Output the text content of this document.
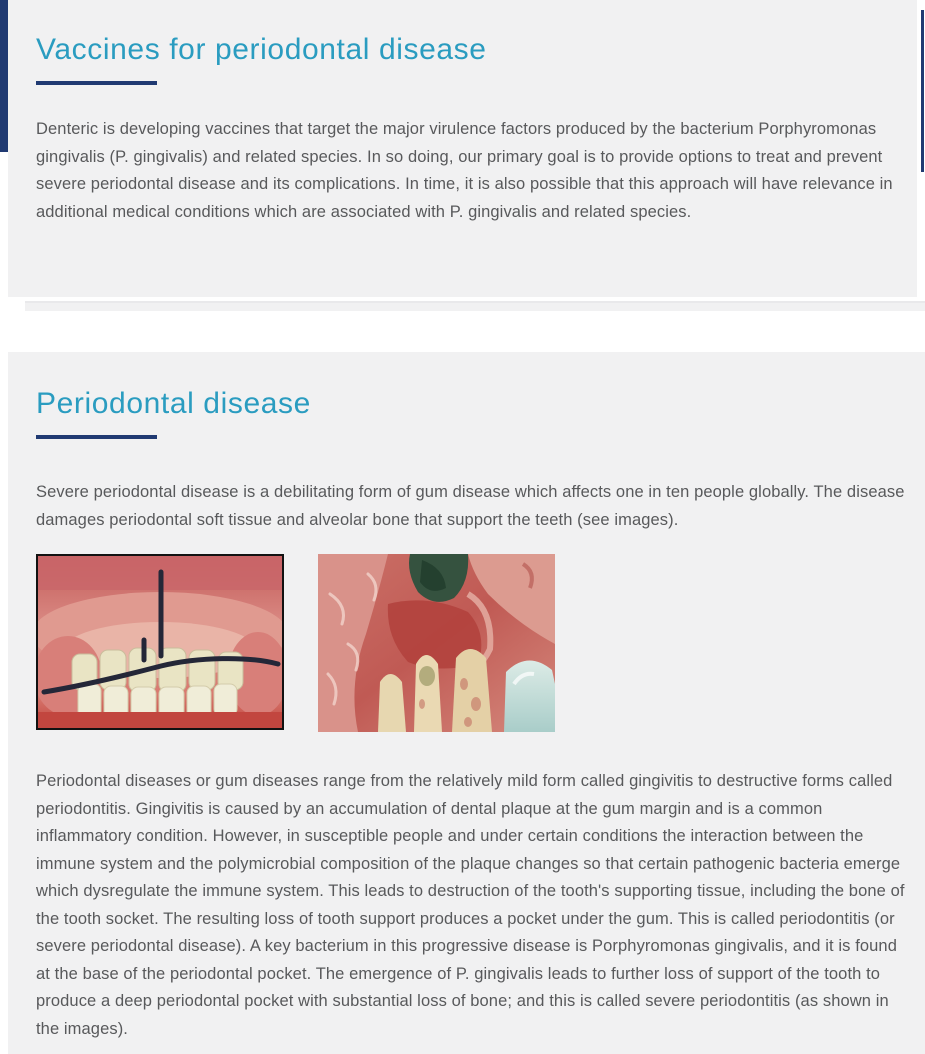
Vaccines for periodontal disease

Denteric is developing vaccines that target the major virulence factors produced by the bacterium Porphyromonas gingivalis (P. gingivalis) and related species. In so doing, our primary goal is to provide options to treat and prevent severe periodontal disease and its complications. In time, it is also possible that this approach will have relevance in additional medical conditions which are associated with P. gingivalis and related species.

Periodontal disease

Severe periodontal disease is a debilitating form of gum disease which affects one in ten people globally. The disease damages periodontal soft tissue and alveolar bone that support the teeth (see images).

Periodontal diseases or gum diseases range from the relatively mild form called gingivitis to destructive forms called periodontitis. Gingivitis is caused by an accumulation of dental plaque at the gum margin and is a common inflammatory condition. However, in susceptible people and under certain conditions the interaction between the immune system and the polymicrobial composition of the plaque changes so that certain pathogenic bacteria emerge which dysregulate the immune system. This leads to destruction of the tooth's supporting tissue, including the bone of the tooth socket. The resulting loss of tooth support produces a pocket under the gum. This is called periodontitis (or severe periodontal disease). A key bacterium in this progressive disease is Porphyromonas gingivalis, and it is found at the base of the periodontal pocket. The emergence of P. gingivalis leads to further loss of support of the tooth to produce a deep periodontal pocket with substantial loss of bone; and this is called severe periodontitis (as shown in the images).
